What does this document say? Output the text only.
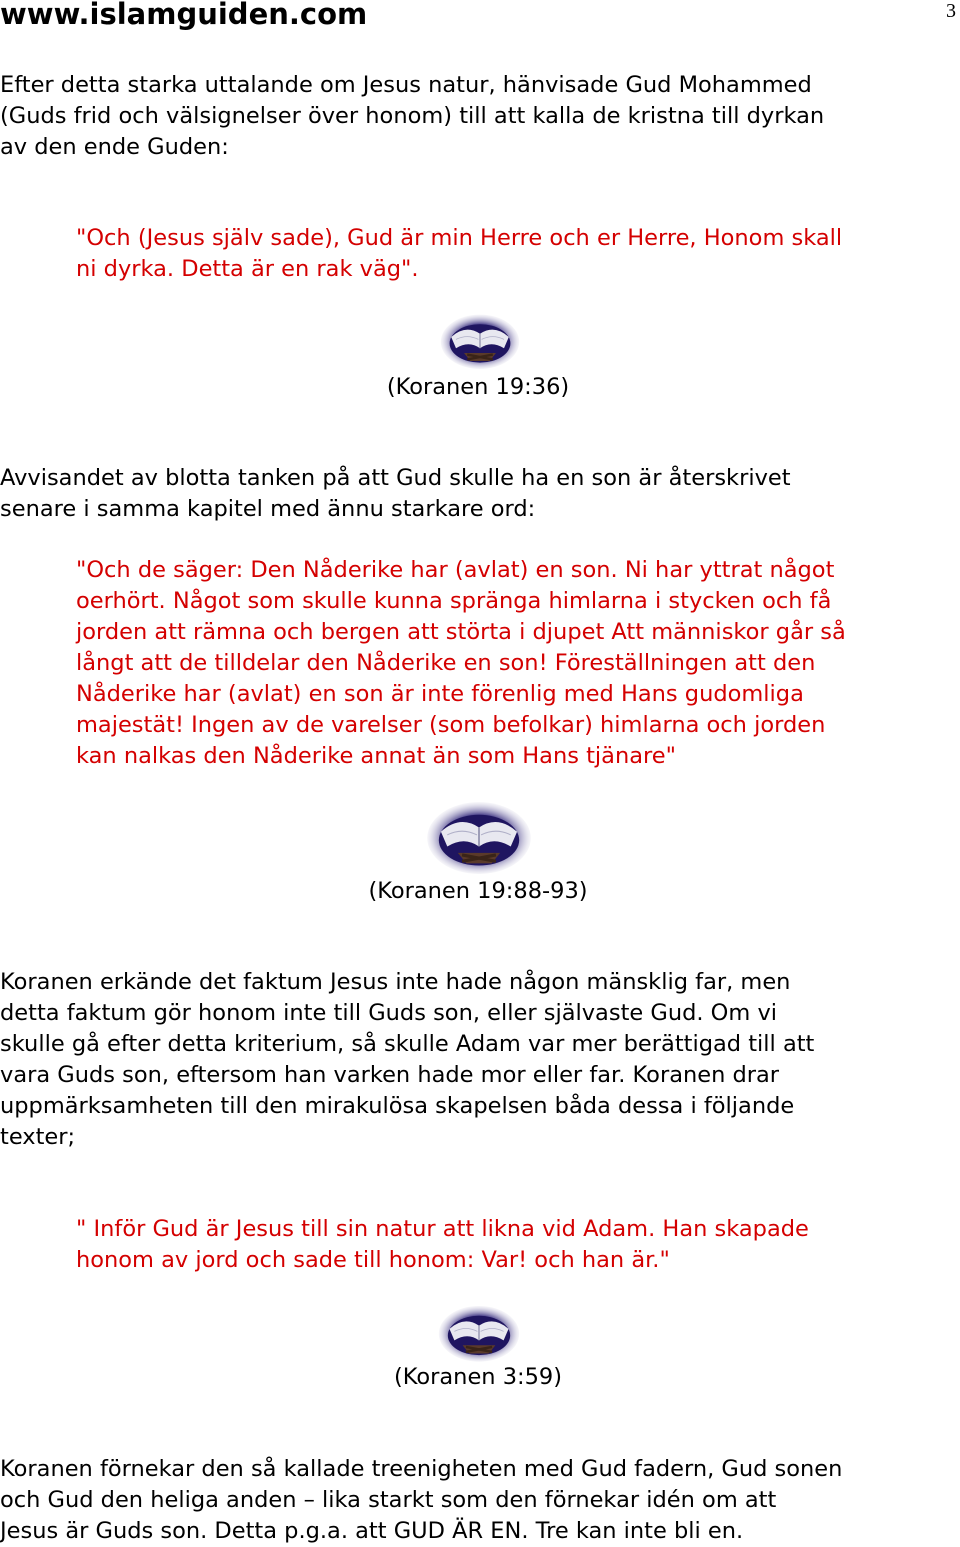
www.islamguiden.com	3

Efter detta starka uttalande om Jesus natur, hänvisade Gud Mohammed
(Guds frid och välsignelser över honom) till att kalla de kristna till dyrkan
av den ende Guden:

"Och (Jesus själv sade), Gud är min Herre och er Herre, Honom skall
ni dyrka. Detta är en rak väg".

(Koranen 19:36)

Avvisandet av blotta tanken på att Gud skulle ha en son är återskrivet
senare i samma kapitel med ännu starkare ord:

"Och de säger: Den Nåderike har (avlat) en son. Ni har yttrat något
oerhört. Något som skulle kunna spränga himlarna i stycken och få
jorden att rämna och bergen att störta i djupet Att människor går så
långt att de tilldelar den Nåderike en son! Föreställningen att den
Nåderike har (avlat) en son är inte förenlig med Hans gudomliga
majestät! Ingen av de varelser (som befolkar) himlarna och jorden
kan nalkas den Nåderike annat än som Hans tjänare"

(Koranen 19:88-93)

Koranen erkände det faktum Jesus inte hade någon mänsklig far, men
detta faktum gör honom inte till Guds son, eller självaste Gud. Om vi
skulle gå efter detta kriterium, så skulle Adam var mer berättigad till att
vara Guds son, eftersom han varken hade mor eller far. Koranen drar
uppmärksamheten till den mirakulösa skapelsen båda dessa i följande
texter;

" Inför Gud är Jesus till sin natur att likna vid Adam. Han skapade
honom av jord och sade till honom: Var! och han är."

(Koranen 3:59)

Koranen förnekar den så kallade treenigheten med Gud fadern, Gud sonen
och Gud den heliga anden – lika starkt som den förnekar idén om att
Jesus är Guds son. Detta p.g.a. att GUD ÄR EN. Tre kan inte bli en.
